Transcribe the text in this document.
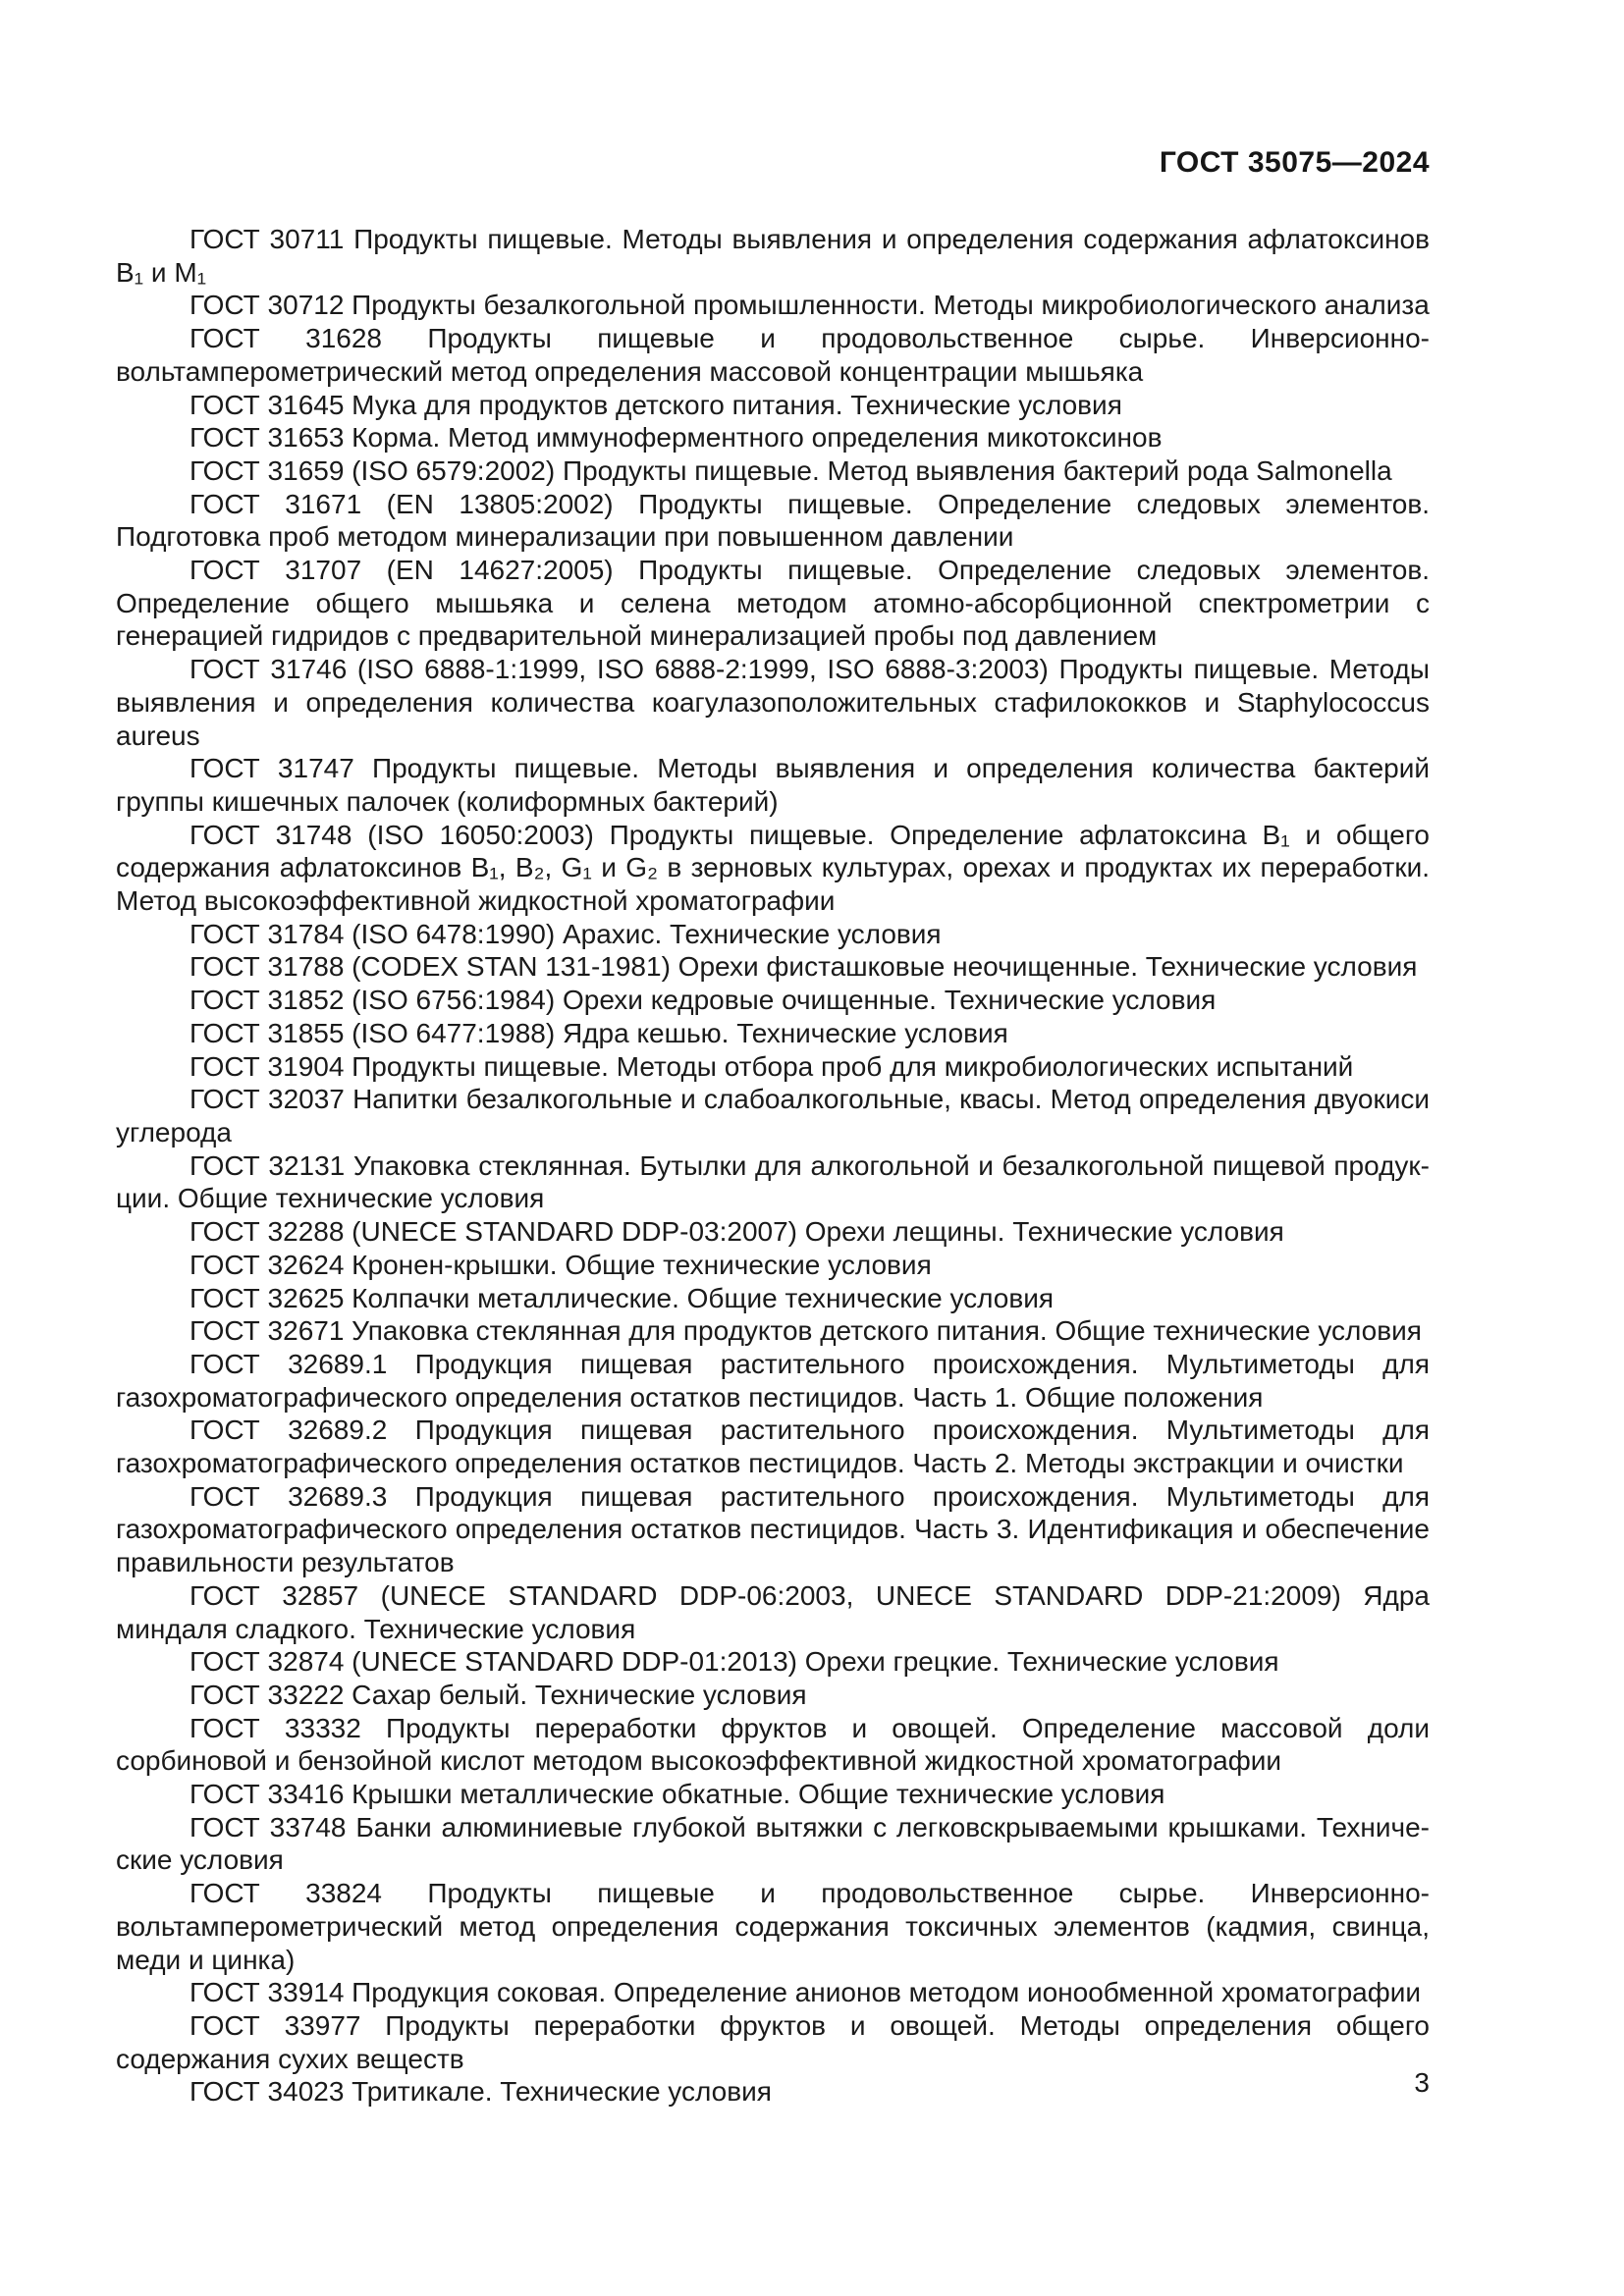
ГОСТ 35075—2024

ГОСТ 30711 Продукты пищевые. Методы выявления и определения содержания афлатоксинов В₁ и М₁

ГОСТ 30712 Продукты безалкогольной промышленности. Методы микробиологического анализа

ГОСТ 31628 Продукты пищевые и продовольственное сырье. Инверсионно-вольтамперометрический метод определения массовой концентрации мышьяка

ГОСТ 31645 Мука для продуктов детского питания. Технические условия

ГОСТ 31653 Корма. Метод иммуноферментного определения микотоксинов

ГОСТ 31659 (ISO 6579:2002) Продукты пищевые. Метод выявления бактерий рода Salmonella

ГОСТ 31671 (EN 13805:2002) Продукты пищевые. Определение следовых элементов. Подготовка проб методом минерализации при повышенном давлении

ГОСТ 31707 (EN 14627:2005) Продукты пищевые. Определение следовых элементов. Определение общего мышьяка и селена методом атомно-абсорбционной спектрометрии с генерацией гидридов с предварительной минерализацией пробы под давлением

ГОСТ 31746 (ISO 6888-1:1999, ISO 6888-2:1999, ISO 6888-3:2003) Продукты пищевые. Методы выявления и определения количества коагулазоположительных стафилококков и Staphylococcus aureus

ГОСТ 31747 Продукты пищевые. Методы выявления и определения количества бактерий группы кишечных палочек (колиформных бактерий)

ГОСТ 31748 (ISO 16050:2003) Продукты пищевые. Определение афлатоксина В₁ и общего содержания афлатоксинов В₁, В₂, G₁ и G₂ в зерновых культурах, орехах и продуктах их переработки. Метод высокоэффективной жидкостной хроматографии

ГОСТ 31784 (ISO 6478:1990) Арахис. Технические условия

ГОСТ 31788 (CODEX STAN 131-1981) Орехи фисташковые неочищенные. Технические условия

ГОСТ 31852 (ISO 6756:1984) Орехи кедровые очищенные. Технические условия

ГОСТ 31855 (ISO 6477:1988) Ядра кешью. Технические условия

ГОСТ 31904 Продукты пищевые. Методы отбора проб для микробиологических испытаний

ГОСТ 32037 Напитки безалкогольные и слабоалкогольные, квасы. Метод определения двуокиси углерода

ГОСТ 32131 Упаковка стеклянная. Бутылки для алкогольной и безалкогольной пищевой продукции. Общие технические условия

ГОСТ 32288 (UNECE STANDARD DDP-03:2007) Орехи лещины. Технические условия

ГОСТ 32624 Кронен-крышки. Общие технические условия

ГОСТ 32625 Колпачки металлические. Общие технические условия

ГОСТ 32671 Упаковка стеклянная для продуктов детского питания. Общие технические условия

ГОСТ 32689.1 Продукция пищевая растительного происхождения. Мультиметоды для газохроматографического определения остатков пестицидов. Часть 1. Общие положения

ГОСТ 32689.2 Продукция пищевая растительного происхождения. Мультиметоды для газохроматографического определения остатков пестицидов. Часть 2. Методы экстракции и очистки

ГОСТ 32689.3 Продукция пищевая растительного происхождения. Мультиметоды для газохроматографического определения остатков пестицидов. Часть 3. Идентификация и обеспечение правильности результатов

ГОСТ 32857 (UNECE STANDARD DDP-06:2003, UNECE STANDARD DDP-21:2009) Ядра миндаля сладкого. Технические условия

ГОСТ 32874 (UNECE STANDARD DDP-01:2013) Орехи грецкие. Технические условия

ГОСТ 33222 Сахар белый. Технические условия

ГОСТ 33332 Продукты переработки фруктов и овощей. Определение массовой доли сорбиновой и бензойной кислот методом высокоэффективной жидкостной хроматографии

ГОСТ 33416 Крышки металлические обкатные. Общие технические условия

ГОСТ 33748 Банки алюминиевые глубокой вытяжки с легковскрываемыми крышками. Технические условия

ГОСТ 33824 Продукты пищевые и продовольственное сырье. Инверсионно-вольтамперометрический метод определения содержания токсичных элементов (кадмия, свинца, меди и цинка)

ГОСТ 33914 Продукция соковая. Определение анионов методом ионообменной хроматографии

ГОСТ 33977 Продукты переработки фруктов и овощей. Методы определения общего содержания сухих веществ

ГОСТ 34023 Тритикале. Технические условия	3
